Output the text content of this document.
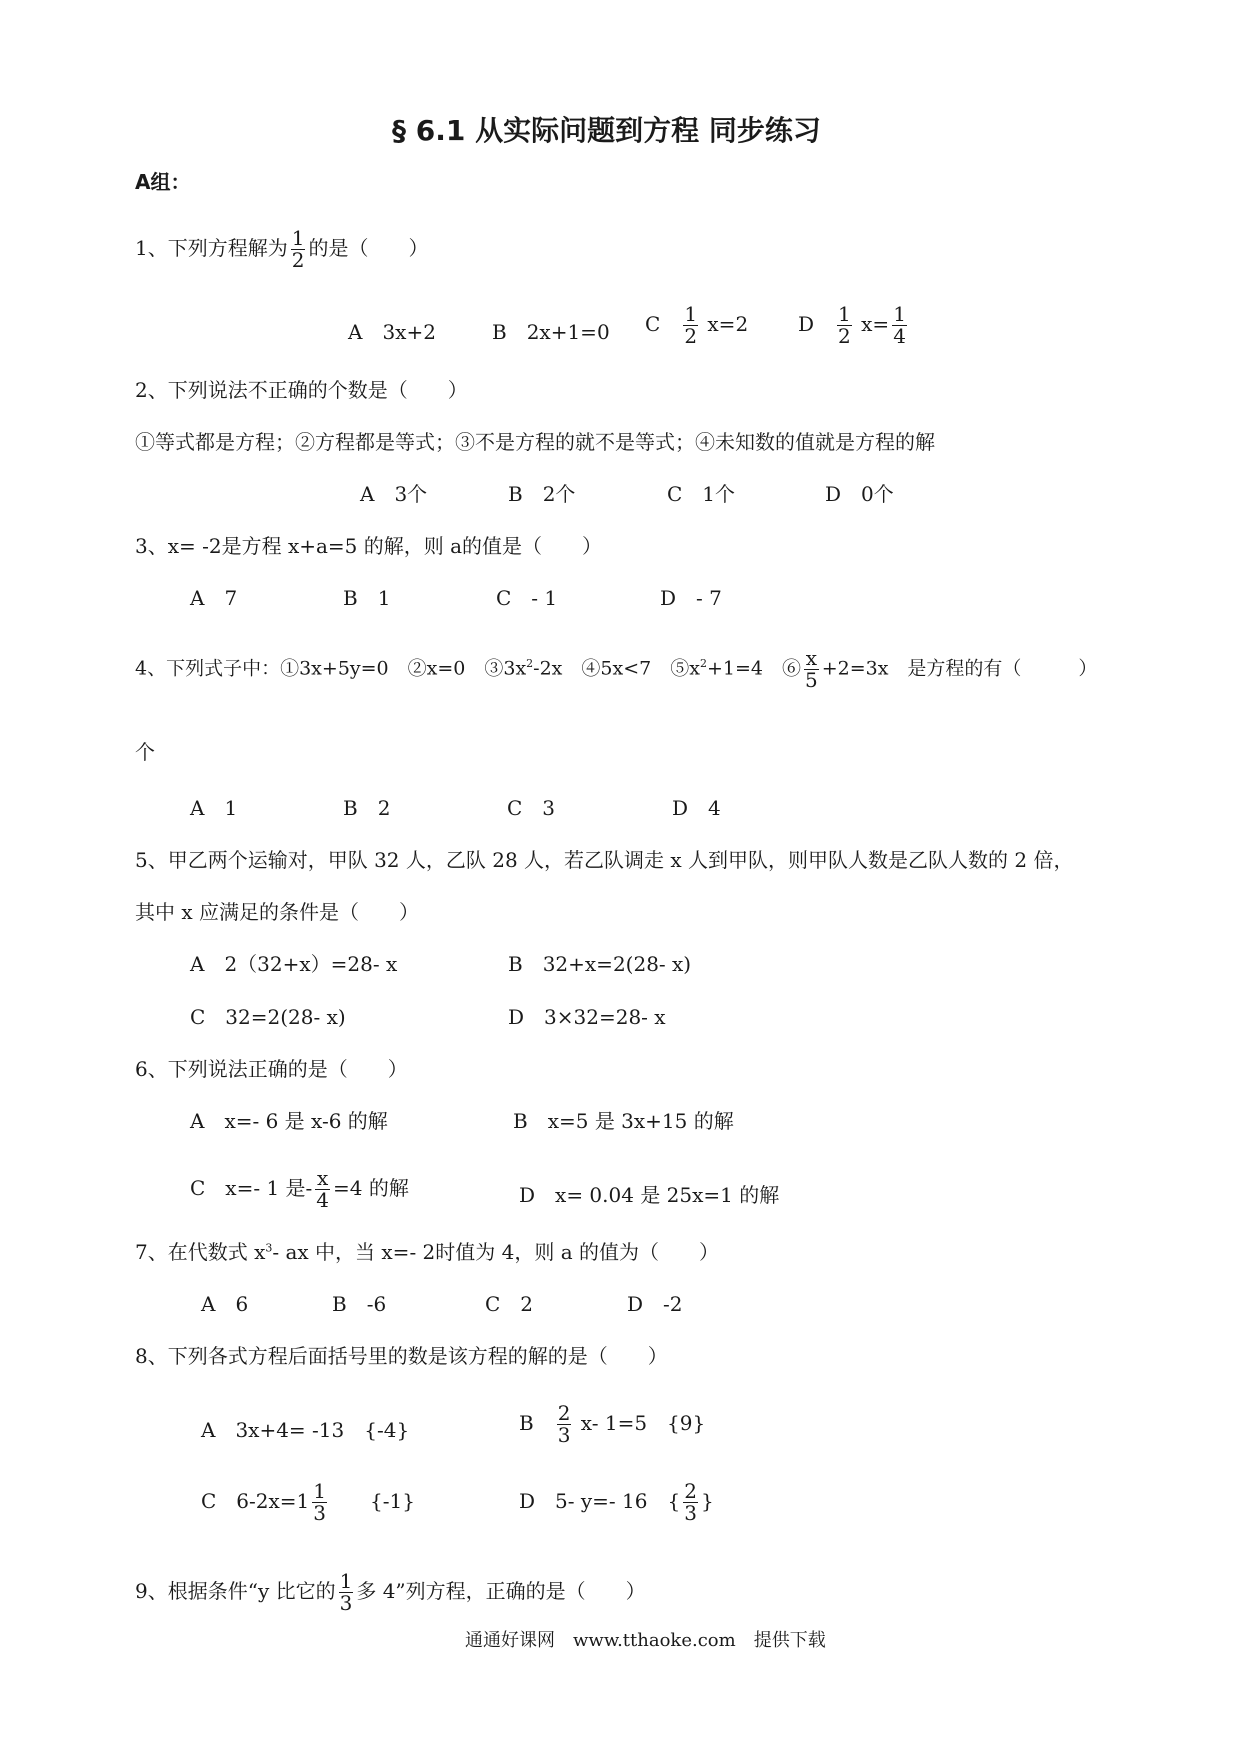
§ 6.1 从实际问题到方程 同步练习
A组：
1、下列方程解为 $\frac{1}{2}$ 的是（　　）
A　3x+2	B　2x+1=0 C　 $\frac{1}{2} x=2$ D　 $\frac{1}{2} x= \frac{1}{4}$
2、下列说法不正确的个数是（　　）
①等式都是方程；②方程都是等式；③不是方程的就不是等式；④未知数的值就是方程的解
A　3个	B　2个	C　1个	D　0个
3、x= -2是方程 x+a=5 的解，则 a的值是（　　）
A　7	B　1	C　- 1	D　- 7
4、下列式子中：①3x+5y=0　②x=0　$③3x^2-2x$　④5x<7　$⑤x^2+1=4$　⑥ $\frac{x}{5} +2=3x$　是方程的有（　　　）
个
A　1	B　2	C　3	D　4
5、甲乙两个运输对，甲队 32 人，乙队 28 人，若乙队调走 x 人到甲队，则甲队人数是乙队人数的 2 倍，
其中 x 应满足的条件是（　　）
A　2（32+x）=28- x	B　32+x=2(28- x)
C　32=2(28- x)	D　3×32=28- x
6、下列说法正确的是（　　）
A　x=- 6 是 x-6 的解	B　x=5 是 3x+15 的解
C　x=- 1 是- $\frac{x}{4} =4$ 的解	D　x= 0.04 是 25x=1 的解
7、在代数式 $x^3-$ ax 中，当 x=- 2时值为 4，则 a 的值为（　　）
A　6	B　-6	C　2	D　-2
8、下列各式方程后面括号里的数是该方程的解的是（　　）
A　3x+4= -13　{-4}	B　 $\frac{2}{3} x-$ 1=5　{9}
C　$6-2x=1 \frac{1}{3}$
　　 {-1}	D　5- y=- 16　{ $\frac{2}{3}$ }
9、根据条件“y 比它的 $\frac{1}{3}$ 多 4”列方程，正确的是（　　）
通通好课网　www.tthaoke.com　提供下载
